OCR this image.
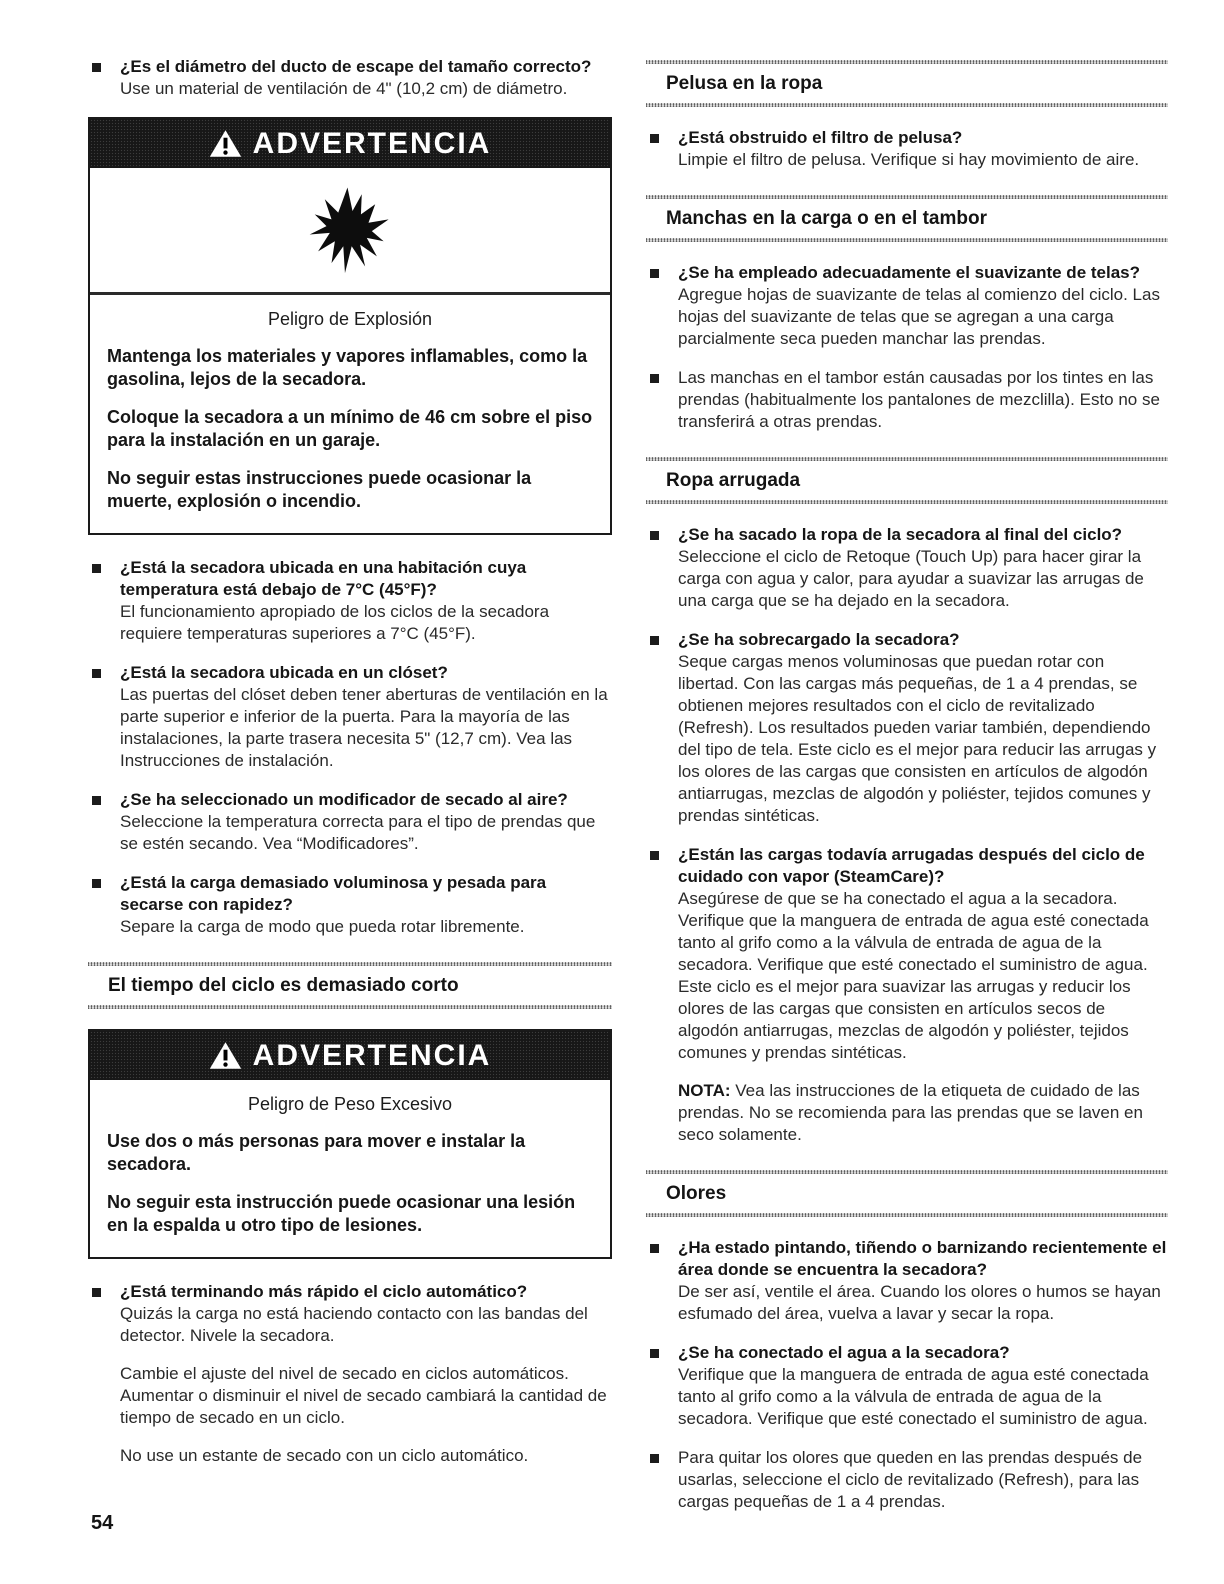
¿Es el diámetro del ducto de escape del tamaño correcto?
Use un material de ventilación de 4" (10,2 cm) de diámetro.
ADVERTENCIA
Peligro de Explosión

Mantenga los materiales y vapores inflamables, como la gasolina, lejos de la secadora.

Coloque la secadora a un mínimo de 46 cm sobre el piso para la instalación en un garaje.

No seguir estas instrucciones puede ocasionar la muerte, explosión o incendio.

¿Está la secadora ubicada en una habitación cuya temperatura está debajo de 7°C (45°F)?
El funcionamiento apropiado de los ciclos de la secadora requiere temperaturas superiores a 7°C (45°F).
¿Está la secadora ubicada en un clóset?
Las puertas del clóset deben tener aberturas de ventilación en la parte superior e inferior de la puerta. Para la mayoría de las instalaciones, la parte trasera necesita 5" (12,7 cm). Vea las Instrucciones de instalación.
¿Se ha seleccionado un modificador de secado al aire?
Seleccione la temperatura correcta para el tipo de prendas que se estén secando. Vea “Modificadores”.
¿Está la carga demasiado voluminosa y pesada para secarse con rapidez?
Separe la carga de modo que pueda rotar libremente.
El tiempo del ciclo es demasiado corto
ADVERTENCIA
Peligro de Peso Excesivo

Use dos o más personas para mover e instalar la secadora.

No seguir esta instrucción puede ocasionar una lesión en la espalda u otro tipo de lesiones.

¿Está terminando más rápido el ciclo automático?
Quizás la carga no está haciendo contacto con las bandas del detector. Nivele la secadora.
Cambie el ajuste del nivel de secado en ciclos automáticos. Aumentar o disminuir el nivel de secado cambiará la cantidad de tiempo de secado en un ciclo.
No use un estante de secado con un ciclo automático.
Pelusa en la ropa
¿Está obstruido el filtro de pelusa?
Limpie el filtro de pelusa. Verifique si hay movimiento de aire.
Manchas en la carga o en el tambor
¿Se ha empleado adecuadamente el suavizante de telas?
Agregue hojas de suavizante de telas al comienzo del ciclo. Las hojas del suavizante de telas que se agregan a una carga parcialmente seca pueden manchar las prendas.
Las manchas en el tambor están causadas por los tintes en las prendas (habitualmente los pantalones de mezclilla). Esto no se transferirá a otras prendas.
Ropa arrugada
¿Se ha sacado la ropa de la secadora al final del ciclo?
Seleccione el ciclo de Retoque (Touch Up) para hacer girar la carga con agua y calor, para ayudar a suavizar las arrugas de una carga que se ha dejado en la secadora.
¿Se ha sobrecargado la secadora?
Seque cargas menos voluminosas que puedan rotar con libertad. Con las cargas más pequeñas, de 1 a 4 prendas, se obtienen mejores resultados con el ciclo de revitalizado (Refresh). Los resultados pueden variar también, dependiendo del tipo de tela. Este ciclo es el mejor para reducir las arrugas y los olores de las cargas que consisten en artículos de algodón antiarrugas, mezclas de algodón y poliéster, tejidos comunes y prendas sintéticas.
¿Están las cargas todavía arrugadas después del ciclo de cuidado con vapor (SteamCare)?
Asegúrese de que se ha conectado el agua a la secadora. Verifique que la manguera de entrada de agua esté conectada tanto al grifo como a la válvula de entrada de agua de la secadora. Verifique que esté conectado el suministro de agua. Este ciclo es el mejor para suavizar las arrugas y reducir los olores de las cargas que consisten en artículos secos de algodón antiarrugas, mezclas de algodón y poliéster, tejidos comunes y prendas sintéticas.
NOTA: Vea las instrucciones de la etiqueta de cuidado de las prendas. No se recomienda para las prendas que se laven en seco solamente.
Olores
¿Ha estado pintando, tiñendo o barnizando recientemente el área donde se encuentra la secadora?
De ser así, ventile el área. Cuando los olores o humos se hayan esfumado del área, vuelva a lavar y secar la ropa.
¿Se ha conectado el agua a la secadora?
Verifique que la manguera de entrada de agua esté conectada tanto al grifo como a la válvula de entrada de agua de la secadora. Verifique que esté conectado el suministro de agua.
Para quitar los olores que queden en las prendas después de usarlas, seleccione el ciclo de revitalizado (Refresh), para las cargas pequeñas de 1 a 4 prendas.
54
